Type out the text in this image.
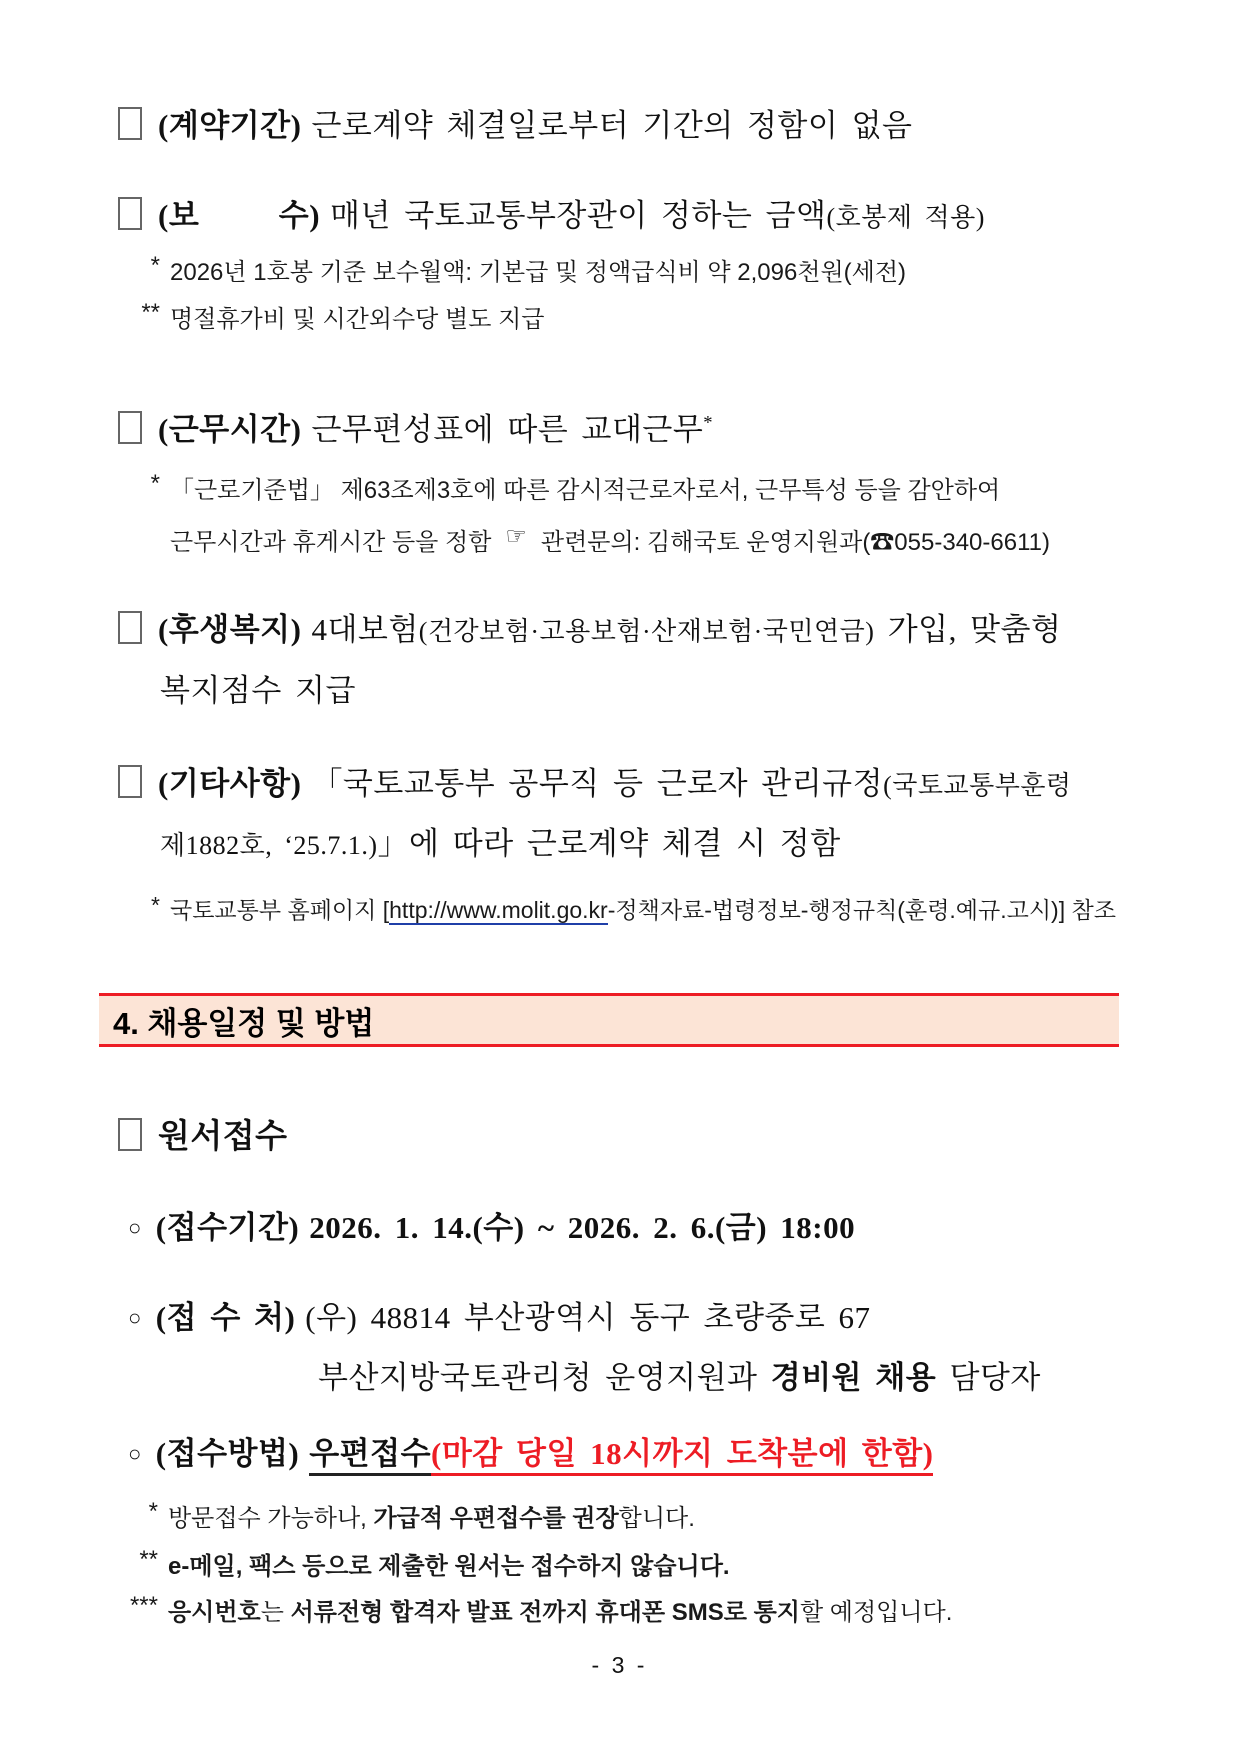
(계약기간) 근로계약 체결일로부터 기간의 정함이 없음
(보      수) 매년 국토교통부장관이 정하는 금액(호봉제 적용)
* 2026년 1호봉 기준 보수월액: 기본급 및 정액급식비 약 2,096천원(세전)
** 명절휴가비 및 시간외수당 별도 지급
(근무시간) 근무편성표에 따른 교대근무*
* 「근로기준법」 제63조제3호에 따른 감시적근로자로서, 근무특성 등을 감안하여
근무시간과 휴게시간 등을 정함 ☞ 관련문의: 김해국토 운영지원과(☎055-340-6611)
(후생복지) 4대보험(건강보험·고용보험·산재보험·국민연금) 가입, 맞춤형
복지점수 지급
(기타사항) 「국토교통부 공무직 등 근로자 관리규정(국토교통부훈령
제1882호, ‘25.7.1.)」에 따라 근로계약 체결 시 정함
* 국토교통부 홈페이지 [http://www.molit.go.kr-정책자료-법령정보-행정규칙(훈령.예규.고시)] 참조
4. 채용일정 및 방법
원서접수
○ (접수기간) 2026. 1. 14.(수) ~ 2026. 2. 6.(금) 18:00
○ (접 수 처) (우) 48814 부산광역시 동구 초량중로 67
부산지방국토관리청 운영지원과 경비원 채용 담당자
○ (접수방법) 우편접수(마감 당일 18시까지 도착분에 한함)
* 방문접수 가능하나, 가급적 우편접수를 권장합니다.
** e-메일, 팩스 등으로 제출한 원서는 접수하지 않습니다.
*** 응시번호는 서류전형 합격자 발표 전까지 휴대폰 SMS로 통지할 예정입니다.
- 3 -
